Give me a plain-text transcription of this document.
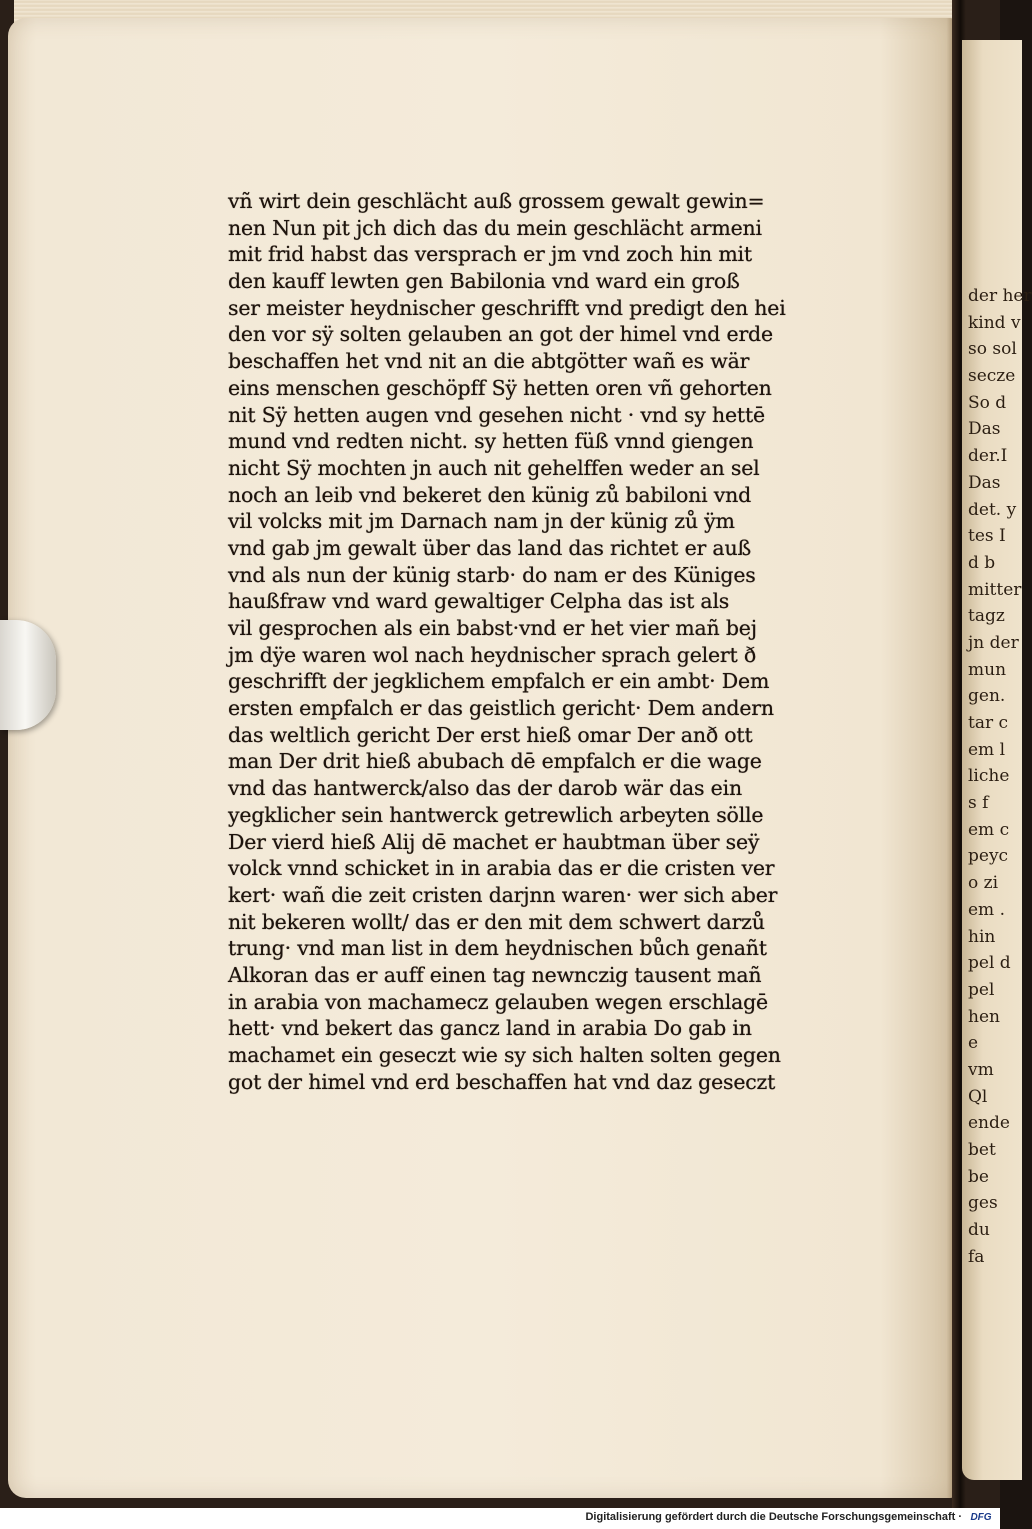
vñ wirt dein geschlächt auß grossem gewalt gewin=
nen Nun pit jch dich das du mein geschlächt armeni
mit frid habst das versprach er jm vnd zoch hin mit
den kauff lewten gen Babilonia vnd ward ein groß
ser meister heydnischer geschrifft vnd predigt den hei
den vor sÿ solten gelauben an got der himel vnd erde
beschaffen het vnd nit an die abtgötter wañ es wär
eins menschen geschöpff Sÿ hetten oren vñ gehorten
nit Sÿ hetten augen vnd gesehen nicht · vnd sy hettē
mund vnd redten nicht. sy hetten füß vnnd giengen
nicht Sÿ mochten jn auch nit gehelffen weder an sel
noch an leib vnd bekeret den künig zů babiloni vnd
vil volcks mit jm Darnach nam jn der künig zů ÿm
vnd gab jm gewalt über das land das richtet er auß
vnd als nun der künig starb· do nam er des Küniges
haußfraw vnd ward gewaltiger Celpha das ist als
vil gesprochen als ein babst·vnd er het vier mañ bej
jm dÿe waren wol nach heydnischer sprach gelert ð
geschrifft der jegklichem empfalch er ein ambt· Dem
ersten empfalch er das geistlich gericht· Dem andern
das weltlich gericht Der erst hieß omar Der anð ott
man Der drit hieß abubach dē empfalch er die wage
vnd das hantwerck/also das der darob wär das ein
yegklicher sein hantwerck getrewlich arbeyten sölle
Der vierd hieß Alij dē machet er haubtman über seÿ
volck vnnd schicket in in arabia das er die cristen ver
kert· wañ die zeit cristen darjnn waren· wer sich aber
nit bekeren wollt/ das er den mit dem schwert darzů
trung· vnd man list in dem heydnischen bůch genañt
Alkoran das er auff einen tag newnczig tausent mañ
in arabia von machamecz gelauben wegen erschlagē
hett· vnd bekert das gancz land in arabia Do gab in
machamet ein geseczt wie sy sich halten solten gegen
got der himel vnd erd beschaffen hat vnd daz geseczt
der her
kind v
so sol
secze
So d
Das
der.I
Das
det. y
tes I
d b
mitter
tagz
jn der
mun
gen.
tar c
em l
liche
s f
em c
peyc
o zi
em .
hin
pel d
pel
hen
e
vm
Ql
ende
bet
be
ges
du
fa
Digitalisierung gefördert durch die Deutsche Forschungsgemeinschaft · DFG
